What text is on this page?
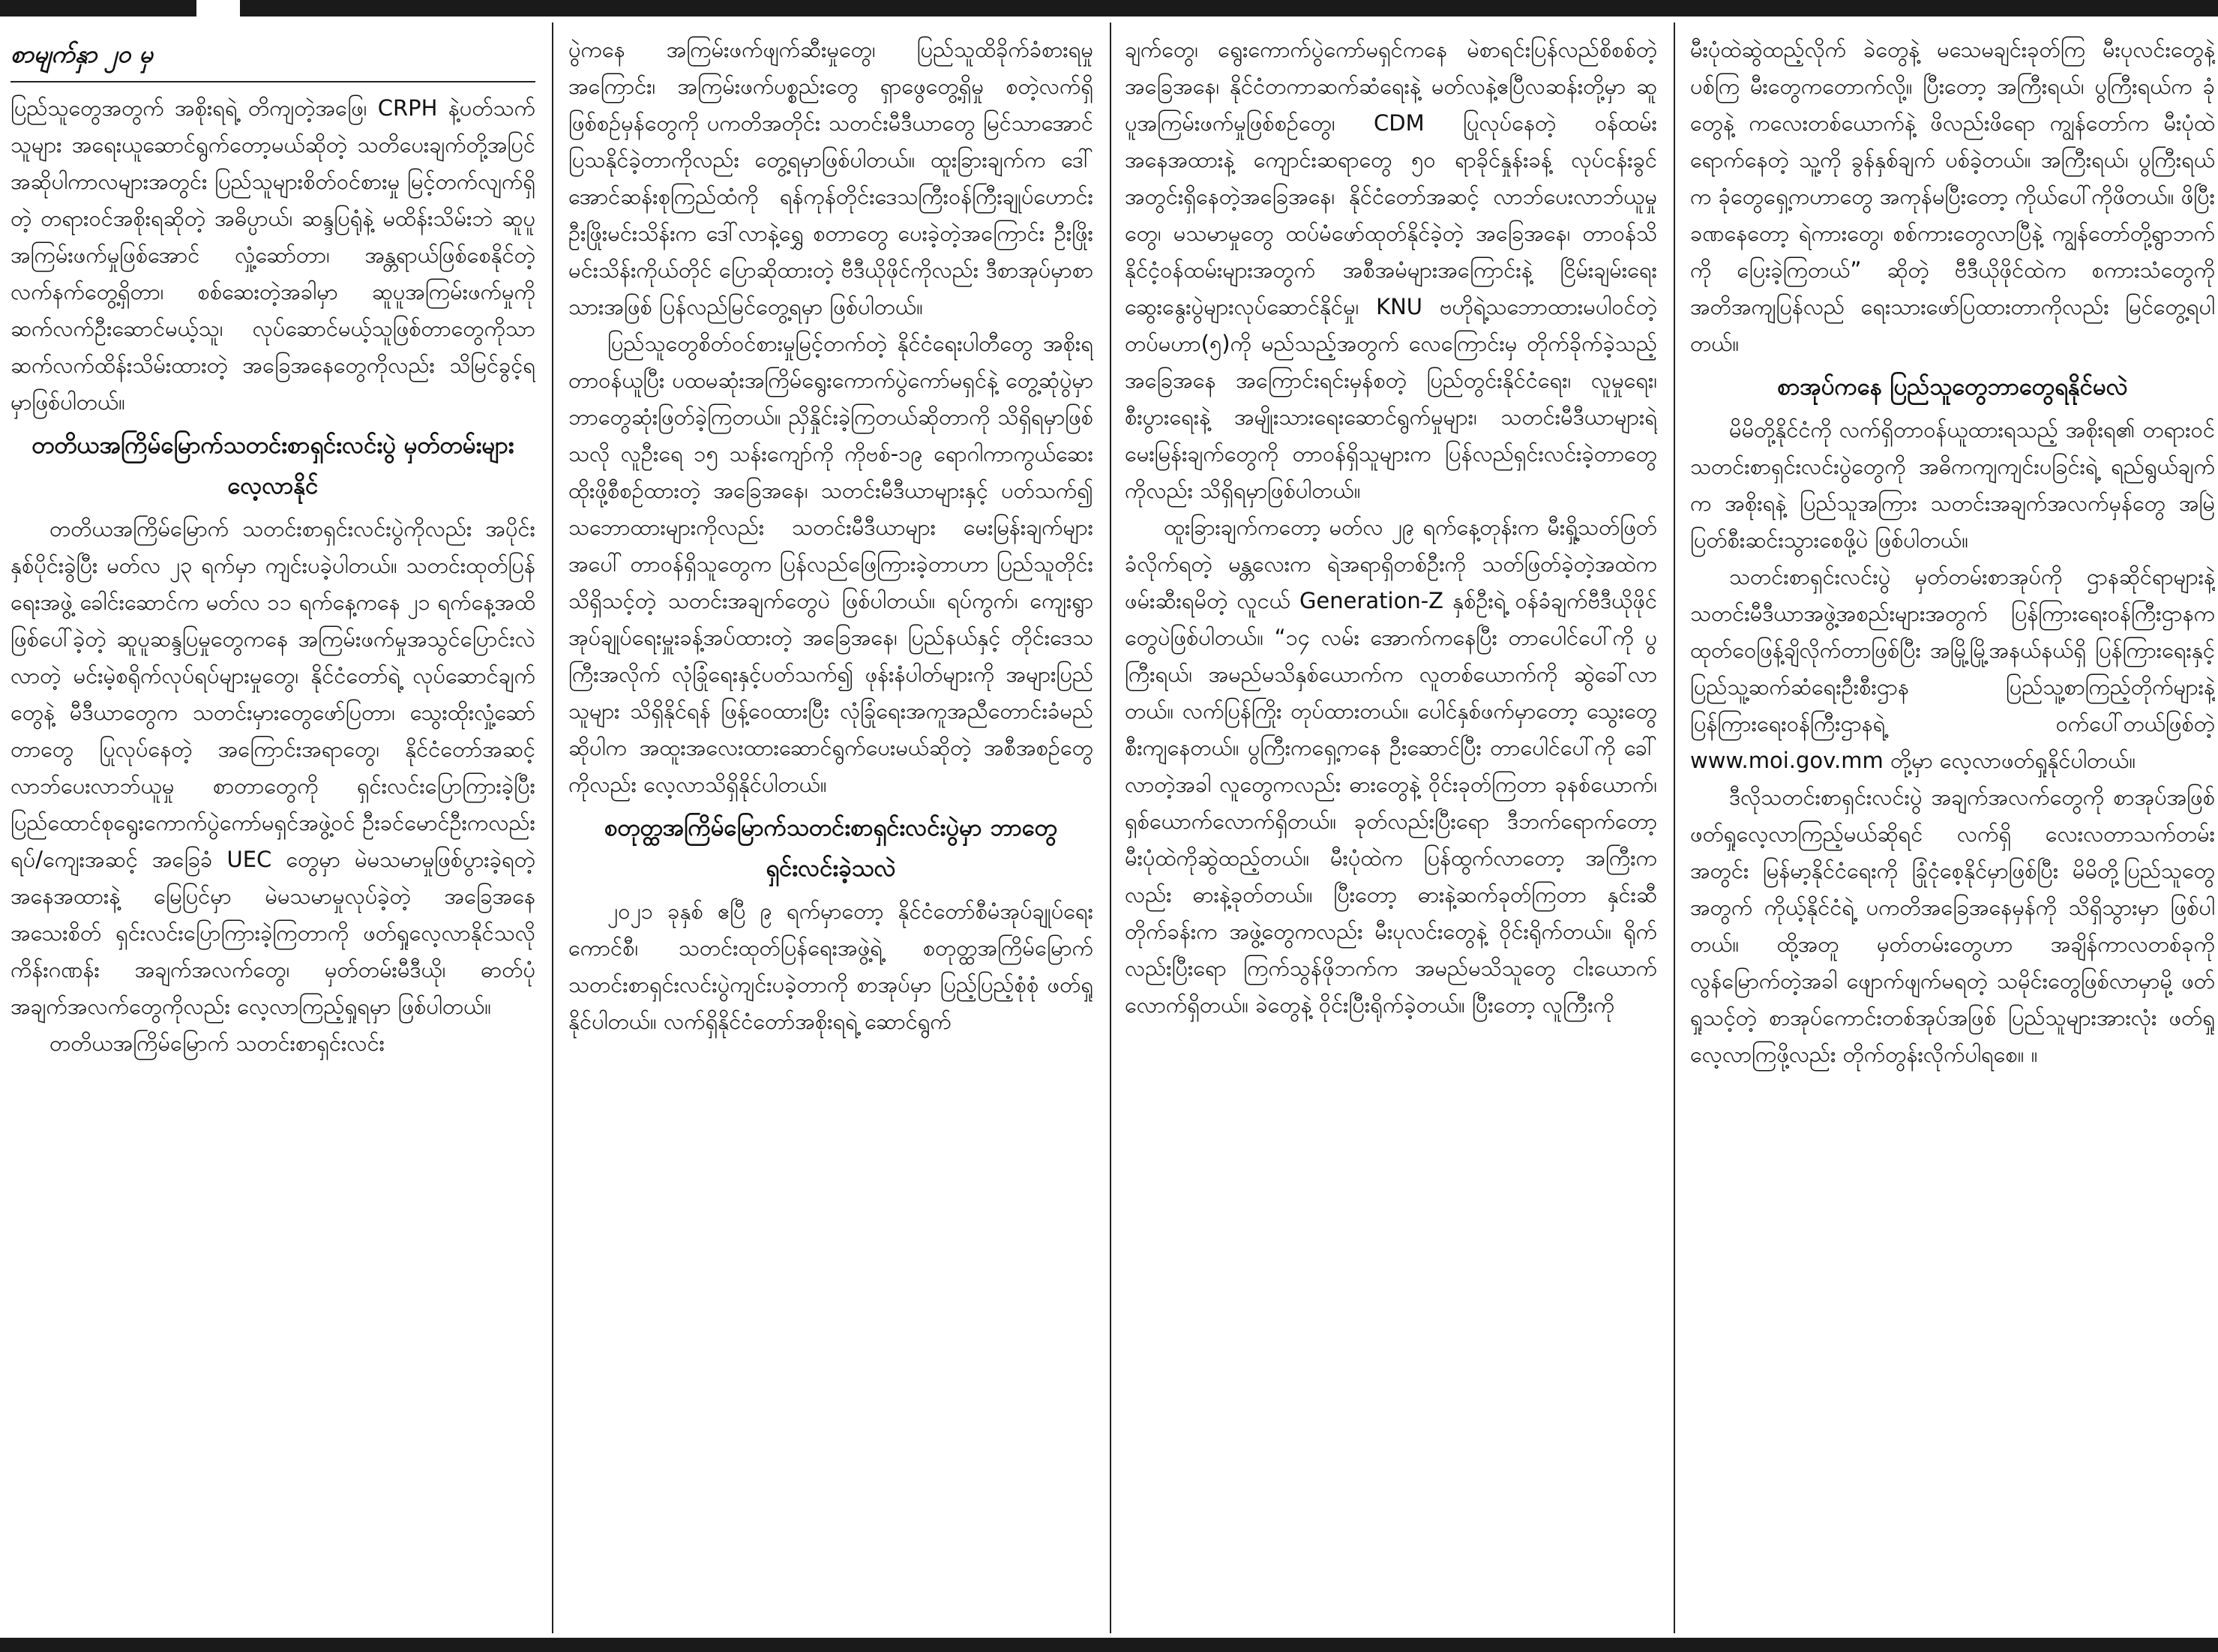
စာမျက်နှာ ၂၀ မှ

ပြည်သူတွေအတွက် အစိုးရရဲ့ တိကျတဲ့အဖြေ၊ CRPH နဲ့ပတ်သက်သူများ အရေးယူဆောင်ရွက်တော့မယ်ဆိုတဲ့ သတိပေးချက်တို့အပြင် အဆိုပါကာလများအတွင်း ပြည်သူများစိတ်ဝင်စားမှု မြင့်တက်လျက်ရှိတဲ့ တရားဝင်အစိုးရဆိုတဲ့ အဓိပ္ပာယ်၊ ဆန္ဒပြရုံနဲ့ မထိန်းသိမ်းဘဲ ဆူပူအကြမ်းဖက်မှုဖြစ်အောင် လှုံ့ဆော်တာ၊ အန္တရာယ်ဖြစ်စေနိုင်တဲ့ လက်နက်တွေ့ရှိတာ၊ စစ်ဆေးတဲ့အခါမှာ ဆူပူအကြမ်းဖက်မှုကို ဆက်လက်ဦးဆောင်မယ့်သူ၊ လုပ်ဆောင်မယ့်သူဖြစ်တာတွေကိုသာ ဆက်လက်ထိန်းသိမ်းထားတဲ့ အခြေအနေတွေကိုလည်း သိမြင်ခွင့်ရမှာဖြစ်ပါတယ်။

တတိယအကြိမ်မြောက်သတင်းစာရှင်းလင်းပွဲ မှတ်တမ်းများ လေ့လာနိုင်

တတိယအကြိမ်မြောက် သတင်းစာရှင်းလင်းပွဲကိုလည်း အပိုင်းနှစ်ပိုင်းခွဲပြီး မတ်လ ၂၃ ရက်မှာ ကျင်းပခဲ့ပါတယ်။ သတင်းထုတ်ပြန်ရေးအဖွဲ့ ခေါင်းဆောင်က မတ်လ ၁၁ ရက်နေ့ကနေ ၂၁ ရက်နေ့အထိ ဖြစ်ပေါ်ခဲ့တဲ့ ဆူပူဆန္ဒပြမှုတွေကနေ အကြမ်းဖက်မှုအသွင်ပြောင်းလဲလာတဲ့ မင်းမဲ့စရိုက်လုပ်ရပ်များမှုတွေ၊ နိုင်ငံတော်ရဲ့ လုပ်ဆောင်ချက်တွေနဲ့ မီဒီယာတွေက သတင်းမှားတွေဖော်ပြတာ၊ သွေးထိုးလှုံ့ဆော်တာတွေ ပြုလုပ်နေတဲ့ အကြောင်းအရာတွေ၊ နိုင်ငံတော်အဆင့် လာဘ်ပေးလာဘ်ယူမှု စာတာတွေကို ရှင်းလင်းပြောကြားခဲ့ပြီး ပြည်ထောင်စုရွေးကောက်ပွဲကော်မရှင်အဖွဲ့ဝင် ဦးခင်မောင်ဦးကလည်း ရပ်/ကျေးအဆင့် အခြေခံ UEC တွေမှာ မဲမသမာမှုဖြစ်ပွားခဲ့ရတဲ့ အနေအထားနဲ့ မြေပြင်မှာ မဲမသမာမှုလုပ်ခဲ့တဲ့ အခြေအနေ အသေးစိတ် ရှင်းလင်းပြောကြားခဲ့ကြတာကို ဖတ်ရှုလေ့လာနိုင်သလို ကိန်းဂဏန်း အချက်အလက်တွေ၊ မှတ်တမ်းမီဒီယို၊ ဓာတ်ပုံအချက်အလက်တွေကိုလည်း လေ့လာကြည့်ရှုရမှာ ဖြစ်ပါတယ်။

တတိယအကြိမ်မြောက် သတင်းစာရှင်းလင်း

ပွဲကနေ အကြမ်းဖက်ဖျက်ဆီးမှုတွေ၊ ပြည်သူထိခိုက်ခံစားရမှုအကြောင်း၊ အကြမ်းဖက်ပစ္စည်းတွေ ရှာဖွေတွေ့ရှိမှု စတဲ့လက်ရှိဖြစ်စဉ်မှန်တွေကို ပကတိအတိုင်း သတင်းမီဒီယာတွေ မြင်သာအောင် ပြသနိုင်ခဲ့တာကိုလည်း တွေ့ရမှာဖြစ်ပါတယ်။ ထူးခြားချက်က ဒေါ်အောင်ဆန်းစုကြည်ထံကို ရန်ကုန်တိုင်းဒေသကြီးဝန်ကြီးချုပ်ဟောင်း ဦးဖြိုးမင်းသိန်းက ဒေါ်လာနဲ့ရွှေ စတာတွေ ပေးခဲ့တဲ့အကြောင်း ဦးဖြိုးမင်းသိန်းကိုယ်တိုင် ပြောဆိုထားတဲ့ ဗီဒီယိုဖိုင်ကိုလည်း ဒီစာအုပ်မှာစာသားအဖြစ် ပြန်လည်မြင်တွေ့ရမှာ ဖြစ်ပါတယ်။

ပြည်သူတွေစိတ်ဝင်စားမှုမြင့်တက်တဲ့ နိုင်ငံရေးပါတီတွေ အစိုးရတာဝန်ယူပြီး ပထမဆုံးအကြိမ်ရွေးကောက်ပွဲကော်မရှင်နဲ့ တွေ့ဆုံပွဲမှာ ဘာတွေဆုံးဖြတ်ခဲ့ကြတယ်။ ညှိနှိုင်းခဲ့ကြတယ်ဆိုတာကို သိရှိရမှာဖြစ်သလို လူဦးရေ ၁၅ သန်းကျော်ကို ကိုဗစ်-၁၉ ရောဂါကာကွယ်ဆေးထိုးဖို့စီစဉ်ထားတဲ့ အခြေအနေ၊ သတင်းမီဒီယာများနှင့် ပတ်သက်၍ သဘောထားများကိုလည်း သတင်းမီဒီယာများ မေးမြန်းချက်များအပေါ် တာဝန်ရှိသူတွေက ပြန်လည်ဖြေကြားခဲ့တာဟာ ပြည်သူတိုင်းသိရှိသင့်တဲ့ သတင်းအချက်တွေပဲ ဖြစ်ပါတယ်။ ရပ်ကွက်၊ ကျေးရွာ အုပ်ချုပ်ရေးမှူးခန့်အပ်ထားတဲ့ အခြေအနေ၊ ပြည်နယ်နှင့် တိုင်းဒေသကြီးအလိုက် လုံခြုံရေးနှင့်ပတ်သက်၍ ဖုန်းနံပါတ်များကို အများပြည်သူများ သိရှိနိုင်ရန် ဖြန့်ဝေထားပြီး လုံခြုံရေးအကူအညီတောင်းခံမည်ဆိုပါက အထူးအလေးထားဆောင်ရွက်ပေးမယ်ဆိုတဲ့ အစီအစဉ်တွေကိုလည်း လေ့လာသိရှိနိုင်ပါတယ်။

စတုတ္ထအကြိမ်မြောက်သတင်းစာရှင်းလင်းပွဲမှာ ဘာတွေရှင်းလင်းခဲ့သလဲ

၂၀၂၁ ခုနှစ် ဧပြီ ၉ ရက်မှာတော့ နိုင်ငံတော်စီမံအုပ်ချုပ်ရေးကောင်စီ၊ သတင်းထုတ်ပြန်ရေးအဖွဲ့ရဲ့ စတုတ္ထအကြိမ်မြောက် သတင်းစာရှင်းလင်းပွဲကျင်းပခဲ့တာကို စာအုပ်မှာ ပြည့်ပြည့်စုံစုံ ဖတ်ရှုနိုင်ပါတယ်။ လက်ရှိနိုင်ငံတော်အစိုးရရဲ့ ဆောင်ရွက်

ချက်တွေ၊ ရွေးကောက်ပွဲကော်မရှင်ကနေ မဲစာရင်းပြန်လည်စိစစ်တဲ့ အခြေအနေ၊ နိုင်ငံတကာဆက်ဆံရေးနဲ့ မတ်လနဲ့ဧပြီလဆန်းတို့မှာ ဆူပူအကြမ်းဖက်မှုဖြစ်စဉ်တွေ၊ CDM ပြုလုပ်နေတဲ့ ဝန်ထမ်းအနေအထားနဲ့ ကျောင်းဆရာတွေ ၅၀ ရာခိုင်နှုန်းခန့် လုပ်ငန်းခွင်အတွင်းရှိနေတဲ့အခြေအနေ၊ နိုင်ငံတော်အဆင့် လာဘ်ပေးလာဘ်ယူမှုတွေ၊ မသမာမှုတွေ ထပ်မံဖော်ထုတ်နိုင်ခဲ့တဲ့ အခြေအနေ၊ တာဝန်သိနိုင်ငံ့ဝန်ထမ်းများအတွက် အစီအမံများအကြောင်းနဲ့ ငြိမ်းချမ်းရေးဆွေးနွေးပွဲများလုပ်ဆောင်နိုင်မှု၊ KNU ဗဟိုရဲ့သဘောထားမပါဝင်တဲ့ တပ်မဟာ(၅)ကို မည်သည့်အတွက် လေကြောင်းမှ တိုက်ခိုက်ခဲ့သည့် အခြေအနေ အကြောင်းရင်းမှန်စတဲ့ ပြည်တွင်းနိုင်ငံရေး၊ လူမှုရေး၊ စီးပွားရေးနဲ့ အမျိုးသားရေးဆောင်ရွက်မှုများ၊ သတင်းမီဒီယာများရဲ့မေးမြန်းချက်တွေကို တာဝန်ရှိသူများက ပြန်လည်ရှင်းလင်းခဲ့တာတွေကိုလည်း သိရှိရမှာဖြစ်ပါတယ်။

ထူးခြားချက်ကတော့ မတ်လ ၂၉ ရက်နေ့တုန်းက မီးရှို့သတ်ဖြတ်ခံလိုက်ရတဲ့ မန္တလေးက ရဲအရာရှိတစ်ဦးကို သတ်ဖြတ်ခဲ့တဲ့အထဲက ဖမ်းဆီးရမိတဲ့ လူငယ် Generation-Z နှစ်ဦးရဲ့ ဝန်ခံချက်ဗီဒီယိုဖိုင်တွေပဲဖြစ်ပါတယ်။ “၁၄ လမ်း အောက်ကနေပြီး တာပေါင်ပေါ်ကို ပွကြီးရယ်၊ အမည်မသိနှစ်ယောက်က လူတစ်ယောက်ကို ဆွဲခေါ်လာတယ်။ လက်ပြန်ကြိုး တုပ်ထားတယ်။ ပေါင်နှစ်ဖက်မှာတော့ သွေးတွေ စီးကျနေတယ်။ ပွကြီးကရှေ့ကနေ ဦးဆောင်ပြီး တာပေါင်ပေါ်ကို ခေါ်လာတဲ့အခါ လူတွေကလည်း ဓားတွေနဲ့ ဝိုင်းခုတ်ကြတာ ခုနစ်ယောက်၊ ရှစ်ယောက်လောက်ရှိတယ်။ ခုတ်လည်းပြီးရော ဒီဘက်ရောက်တော့ မီးပုံထဲကိုဆွဲထည့်တယ်။ မီးပုံထဲက ပြန်ထွက်လာတော့ အကြီးကလည်း ဓားနဲ့ခုတ်တယ်။ ပြီးတော့ ဓားနဲ့ဆက်ခုတ်ကြတာ နှင်းဆီတိုက်ခန်းက အဖွဲ့တွေကလည်း မီးပုလင်းတွေနဲ့ ဝိုင်းရိုက်တယ်။ ရိုက်လည်းပြီးရော ကြက်သွန်ဖိုဘက်က အမည်မသိသူတွေ ငါးယောက်လောက်ရှိတယ်။ ခဲတွေနဲ့ ဝိုင်းပြီးရိုက်ခဲ့တယ်။ ပြီးတော့ လူကြီးကို

မီးပုံထဲဆွဲထည့်လိုက် ခဲတွေနဲ့ မသေမချင်းခုတ်ကြ မီးပုလင်းတွေနဲ့ ပစ်ကြ မီးတွေကတောက်လို့။ ပြီးတော့ အကြီးရယ်၊ ပွကြီးရယ်က ခုံတွေနဲ့ ကလေးတစ်ယောက်နဲ့ ဖိလည်းဖိရော ကျွန်တော်က မီးပုံထဲရောက်နေတဲ့ သူ့ကို ခွန်နှစ်ချက် ပစ်ခဲ့တယ်။ အကြီးရယ်၊ ပွကြီးရယ်က ခုံတွေရှေ့ကဟာတွေ အကုန်မပြီးတော့ ကိုယ်ပေါ်ကိုဖိတယ်။ ဖိပြီး ခဏနေတော့ ရဲကားတွေ၊ စစ်ကားတွေလာပြီနဲ့ ကျွန်တော်တို့ရွာဘက်ကို ပြေးခဲ့ကြတယ်” ဆိုတဲ့ ဗီဒီယိုဖိုင်ထဲက စကားသံတွေကို အတိအကျပြန်လည် ရေးသားဖော်ပြထားတာကိုလည်း မြင်တွေ့ရပါတယ်။

စာအုပ်ကနေ ပြည်သူတွေဘာတွေရနိုင်မလဲ

မိမိတို့နိုင်ငံကို လက်ရှိတာဝန်ယူထားရသည့် အစိုးရ၏ တရားဝင် သတင်းစာရှင်းလင်းပွဲတွေကို အဓိကကျကျင်းပခြင်းရဲ့ ရည်ရွယ်ချက်က အစိုးရနဲ့ ပြည်သူအကြား သတင်းအချက်အလက်မှန်တွေ အမြဲပြတ်စီးဆင်းသွားစေဖို့ပဲ ဖြစ်ပါတယ်။

သတင်းစာရှင်းလင်းပွဲ မှတ်တမ်းစာအုပ်ကို ဌာနဆိုင်ရာများနဲ့ သတင်းမီဒီယာအဖွဲ့အစည်းများအတွက် ပြန်ကြားရေးဝန်ကြီးဌာနက ထုတ်ဝေဖြန့်ချိလိုက်တာဖြစ်ပြီး အမြို့မြို့အနယ်နယ်ရှိ ပြန်ကြားရေးနှင့် ပြည်သူ့ဆက်ဆံရေးဦးစီးဌာန ပြည်သူ့စာကြည့်တိုက်များနဲ့ ပြန်ကြားရေးဝန်ကြီးဌာနရဲ့ ဝက်ပေါ်တယ်ဖြစ်တဲ့ www.moi.gov.mm တို့မှာ လေ့လာဖတ်ရှုနိုင်ပါတယ်။

ဒီလိုသတင်းစာရှင်းလင်းပွဲ အချက်အလက်တွေကို စာအုပ်အဖြစ် ဖတ်ရှုလေ့လာကြည့်မယ်ဆိုရင် လက်ရှိ လေးလတာသက်တမ်းအတွင်း မြန်မာ့နိုင်ငံရေးကို ခြုံငုံစေ့နိုင်မှာဖြစ်ပြီး မိမိတို့ပြည်သူတွေအတွက် ကိုယ့်နိုင်ငံရဲ့ ပကတိအခြေအနေမှန်ကို သိရှိသွားမှာ ဖြစ်ပါတယ်။ ထို့အတူ မှတ်တမ်းတွေဟာ အချိန်ကာလတစ်ခုကို လွန်မြောက်တဲ့အခါ ဖျောက်ဖျက်မရတဲ့ သမိုင်းတွေဖြစ်လာမှာမို့ ဖတ်ရှုသင့်တဲ့ စာအုပ်ကောင်းတစ်အုပ်အဖြစ် ပြည်သူများအားလုံး ဖတ်ရှုလေ့လာကြဖို့လည်း တိုက်တွန်းလိုက်ပါရစေ။ ။
